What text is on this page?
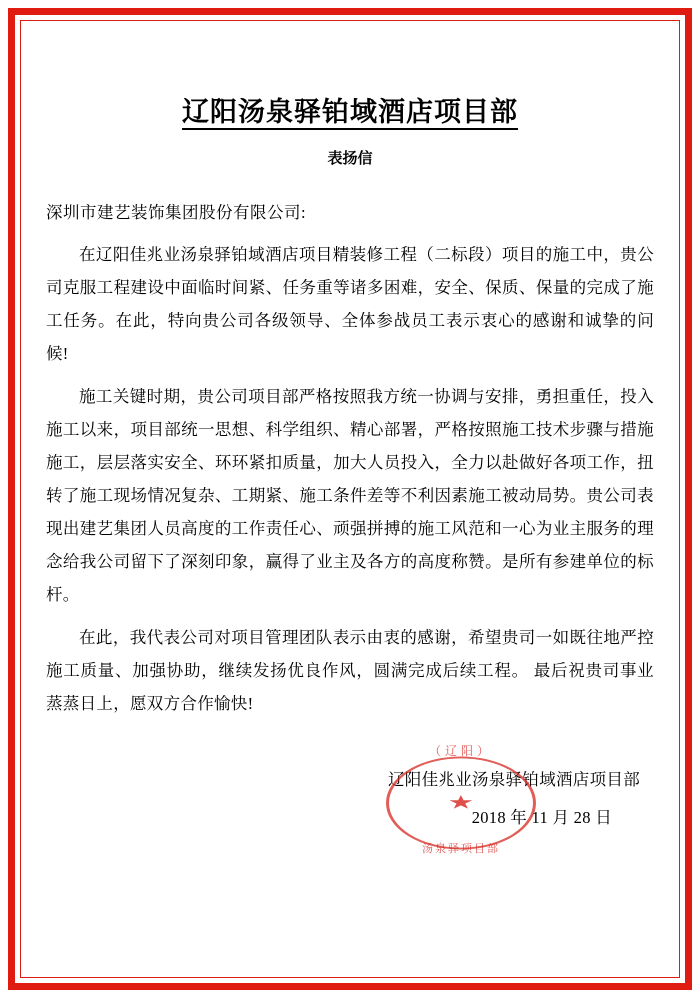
辽阳汤泉驿铂域酒店项目部
表扬信
深圳市建艺装饰集团股份有限公司:
在辽阳佳兆业汤泉驿铂域酒店项目精装修工程（二标段）项目的施工中，贵公司克服工程建设中面临时间紧、任务重等诸多困难，安全、保质、保量的完成了施工任务。在此，特向贵公司各级领导、全体参战员工表示衷心的感谢和诚挚的问候!
施工关键时期，贵公司项目部严格按照我方统一协调与安排，勇担重任，投入施工以来，项目部统一思想、科学组织、精心部署，严格按照施工技术步骤与措施施工，层层落实安全、环环紧扣质量，加大人员投入，全力以赴做好各项工作，扭转了施工现场情况复杂、工期紧、施工条件差等不利因素施工被动局势。贵公司表现出建艺集团人员高度的工作责任心、顽强拼搏的施工风范和一心为业主服务的理念给我公司留下了深刻印象，赢得了业主及各方的高度称赞。是所有参建单位的标杆。
在此，我代表公司对项目管理团队表示由衷的感谢，希望贵司一如既往地严控施工质量、加强协助，继续发扬优良作风，圆满完成后续工程。 最后祝贵司事业蒸蒸日上，愿双方合作愉快!
（辽阳）
★
汤泉驿项目部
辽阳佳兆业汤泉驿铂域酒店项目部
2018 年 11 月 28 日
